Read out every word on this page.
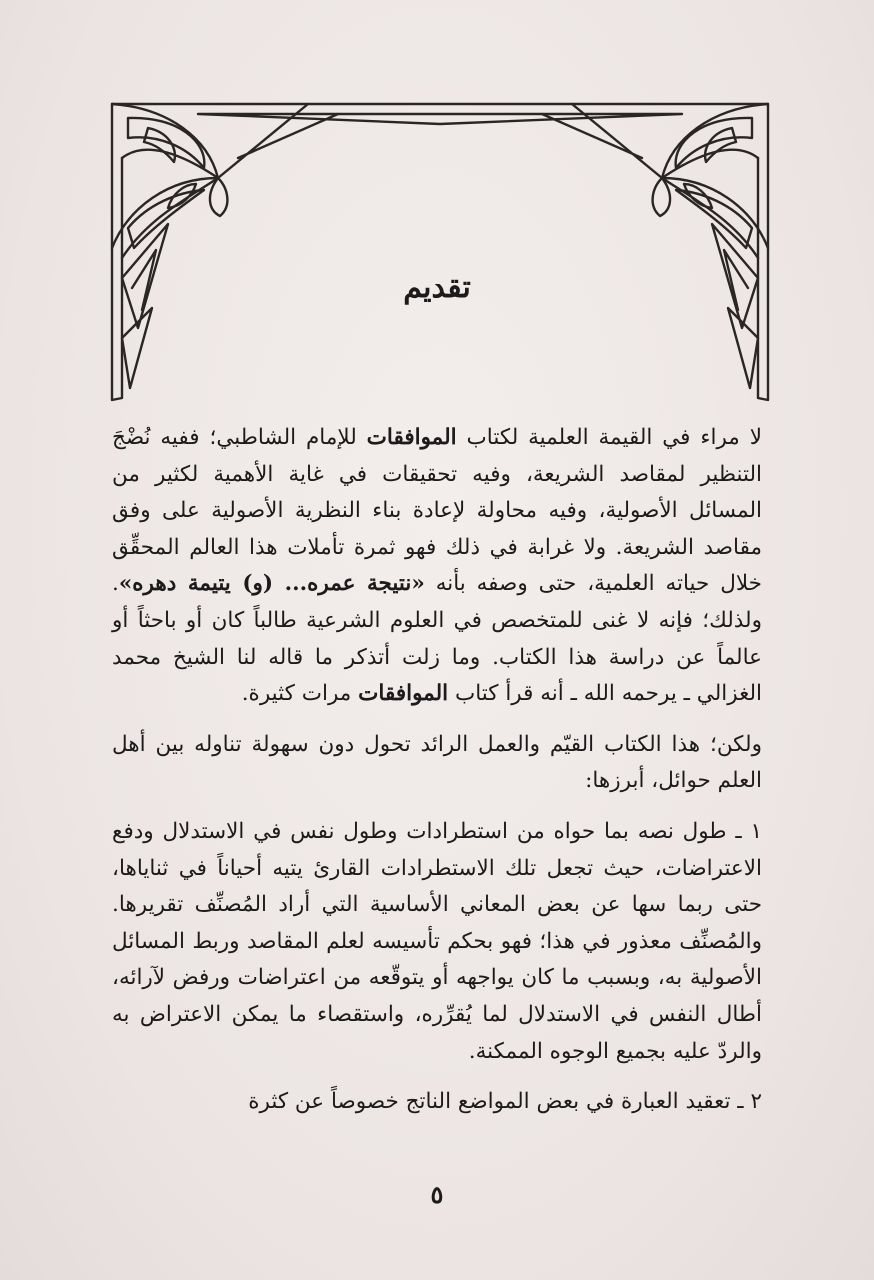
تقديم

لا مراء في القيمة العلمية لكتاب الموافقات للإمام الشاطبي؛ ففيه نُضْجَ التنظير لمقاصد الشريعة، وفيه تحقيقات في غاية الأهمية لكثير من المسائل الأصولية، وفيه محاولة لإعادة بناء النظرية الأصولية على وفق مقاصد الشريعة. ولا غرابة في ذلك فهو ثمرة تأملات هذا العالم المحقِّق خلال حياته العلمية، حتى وصفه بأنه «نتيجة عمره... (و) يتيمة دهره». ولذلك؛ فإنه لا غنى للمتخصص في العلوم الشرعية طالباً كان أو باحثاً أو عالماً عن دراسة هذا الكتاب. وما زلت أتذكر ما قاله لنا الشيخ محمد الغزالي ـ يرحمه الله ـ أنه قرأ كتاب الموافقات مرات كثيرة.

ولكن؛ هذا الكتاب القيّم والعمل الرائد تحول دون سهولة تناوله بين أهل العلم حوائل، أبرزها:

١ ـ طول نصه بما حواه من استطرادات وطول نفس في الاستدلال ودفع الاعتراضات، حيث تجعل تلك الاستطرادات القارئ يتيه أحياناً في ثناياها، حتى ربما سها عن بعض المعاني الأساسية التي أراد المُصنِّف تقريرها. والمُصنِّف معذور في هذا؛ فهو بحكم تأسيسه لعلم المقاصد وربط المسائل الأصولية به، وبسبب ما كان يواجهه أو يتوقّعه من اعتراضات ورفض لآرائه، أطال النفس في الاستدلال لما يُقرِّره، واستقصاء ما يمكن الاعتراض به والردّ عليه بجميع الوجوه الممكنة.

٢ ـ تعقيد العبارة في بعض المواضع الناتج خصوصاً عن كثرة

٥
